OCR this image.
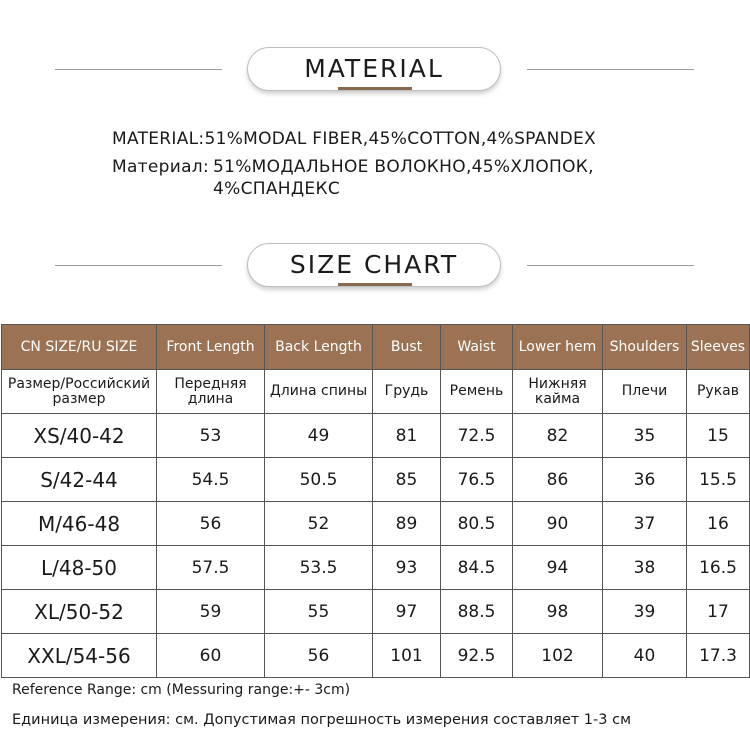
MATERIAL
MATERIAL: 51%MODAL FIBER,45%COTTON,4%SPANDEX
Материал: 51%МОДАЛЬНОЕ ВОЛОКНО,45%ХЛОПОК, 4%СПАНДЕКС
SIZE CHART
CN SIZE/RU SIZE	Front Length	Back Length	Bust	Waist	Lower hem	Shoulders	Sleeves
Размер/Российский размер	Передняя длина	Длина спины	Грудь	Ремень	Нижняя кайма	Плечи	Рукав
XS/40-42	53	49	81	72.5	82	35	15
S/42-44	54.5	50.5	85	76.5	86	36	15.5
M/46-48	56	52	89	80.5	90	37	16
L/48-50	57.5	53.5	93	84.5	94	38	16.5
XL/50-52	59	55	97	88.5	98	39	17
XXL/54-56	60	56	101	92.5	102	40	17.3
Reference Range: cm (Messuring range:+- 3cm)
Единица измерения: см. Допустимая погрешность измерения составляет 1-3 см
